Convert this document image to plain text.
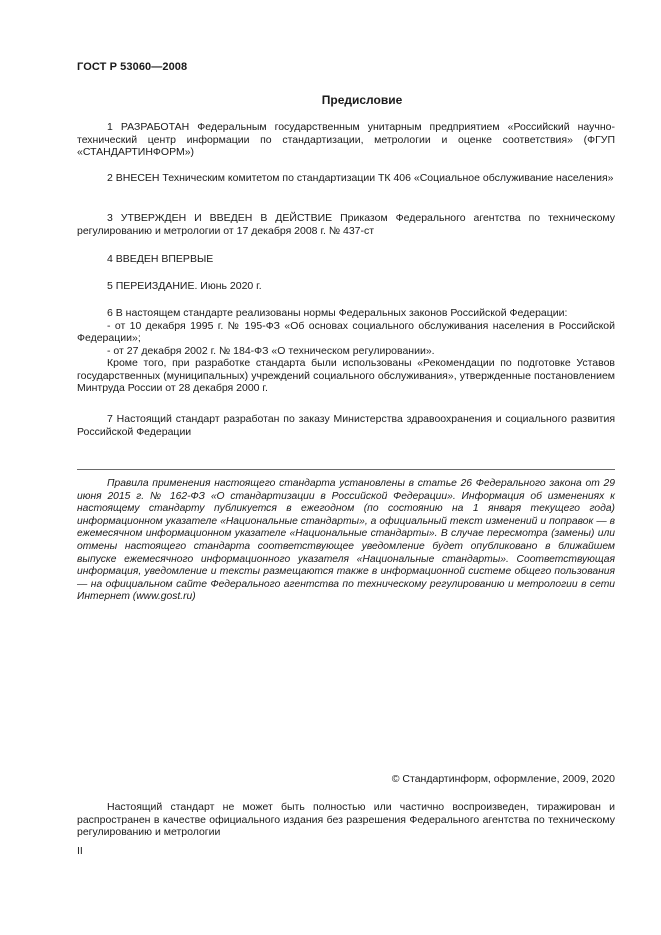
ГОСТ Р 53060—2008
Предисловие

1 РАЗРАБОТАН Федеральным государственным унитарным предприятием «Российский научно-технический центр информации по стандартизации, метрологии и оценке соответствия» (ФГУП «СТАНДАРТИНФОРМ»)

2 ВНЕСЕН Техническим комитетом по стандартизации ТК 406 «Социальное обслуживание населения»

3 УТВЕРЖДЕН И ВВЕДЕН В ДЕЙСТВИЕ Приказом Федерального агентства по техническому регулированию и метрологии от 17 декабря 2008 г. № 437-ст

4 ВВЕДЕН ВПЕРВЫЕ

5 ПЕРЕИЗДАНИЕ. Июнь 2020 г.

6 В настоящем стандарте реализованы нормы Федеральных законов Российской Федерации:

- от 10 декабря 1995 г. № 195-ФЗ «Об основах социального обслуживания населения в Российской Федерации»;

- от 27 декабря 2002 г. № 184-ФЗ «О техническом регулировании».

Кроме того, при разработке стандарта были использованы «Рекомендации по подготовке Уставов государственных (муниципальных) учреждений социального обслуживания», утвержденные постановлением Минтруда России от 28 декабря 2000 г.

7 Настоящий стандарт разработан по заказу Министерства здравоохранения и социального развития Российской Федерации

Правила применения настоящего стандарта установлены в статье 26 Федерального закона от 29 июня 2015 г. № 162-ФЗ «О стандартизации в Российской Федерации». Информация об изменениях к настоящему стандарту публикуется в ежегодном (по состоянию на 1 января текущего года) информационном указателе «Национальные стандарты», а официальный текст изменений и поправок — в ежемесячном информационном указателе «Национальные стандарты». В случае пересмотра (замены) или отмены настоящего стандарта соответствующее уведомление будет опубликовано в ближайшем выпуске ежемесячного информационного указателя «Национальные стандарты». Соответствующая информация, уведомление и тексты размещаются также в информационной системе общего пользования — на официальном сайте Федерального агентства по техническому регулированию и метрологии в сети Интернет (www.gost.ru)

© Стандартинформ, оформление, 2009, 2020

Настоящий стандарт не может быть полностью или частично воспроизведен, тиражирован и распространен в качестве официального издания без разрешения Федерального агентства по техническому регулированию и метрологии

II
